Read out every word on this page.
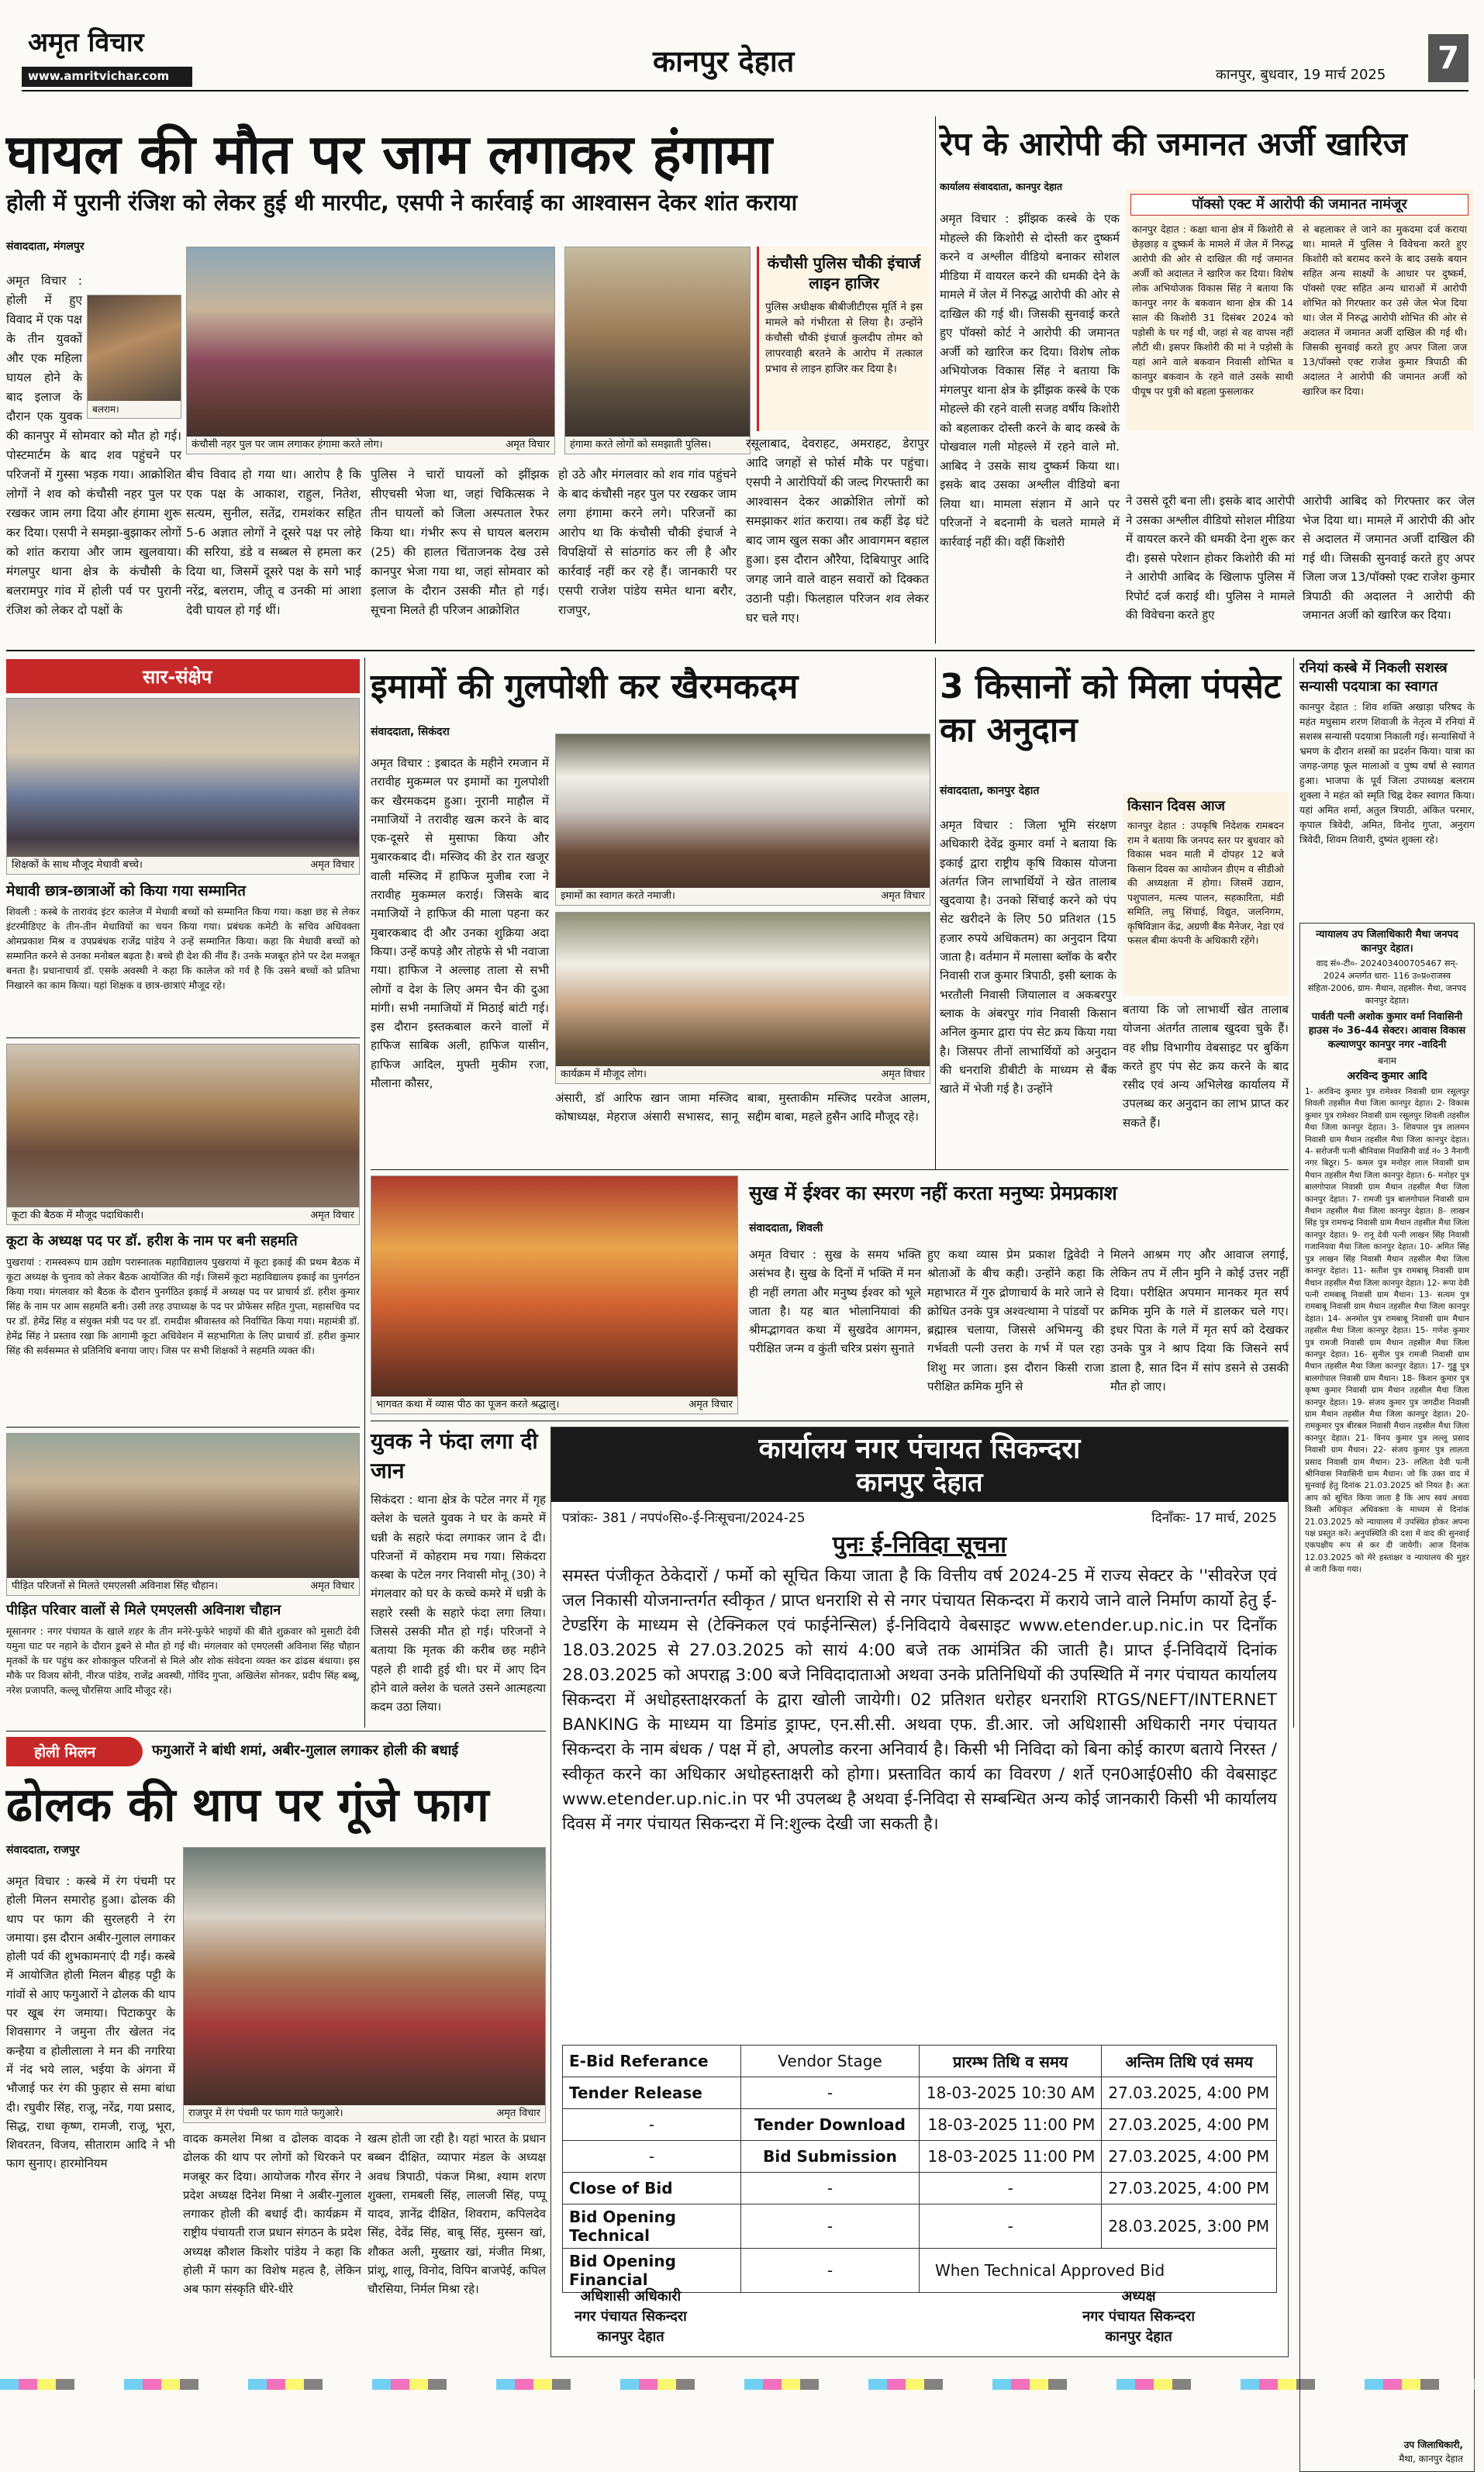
अमृत विचार
www.amritvichar.com	कानपुर देहात	कानपुर, बुधवार, 19 मार्च 2025	7
घायल की मौत पर जाम लगाकर हंगामा
होली में पुरानी रंजिश को लेकर हुई थी मारपीट, एसपी ने कार्रवाई का आश्वासन देकर शांत कराया
संवाददाता, मंगलपुर
बलराम।
अमृत विचार : होली में हुए विवाद में एक पक्ष के तीन युवकों और एक महिला घायल होने के बाद इलाज के दौरान एक युवक की कानपुर में सोमवार को मौत हो गई। पोस्टमार्टम के बाद शव पहुंचने पर परिजनों में गुस्सा भड़क गया। आक्रोशित लोगों ने शव को कंचौसी नहर पुल पर रखकर जाम लगा दिया और हंगामा शुरू कर दिया। एसपी ने समझा-बुझाकर लोगों को शांत कराया और जाम खुलवाया। मंगलपुर थाना क्षेत्र के कंचौसी के बलरामपुर गांव में होली पर्व पर पुरानी रंजिश को लेकर दो पक्षों के
कंचौसी नहर पुल पर जाम लगाकर हंगामा करते लोग।	अमृत विचार हंगामा करते लोगों को समझाती पुलिस।
कंचौसी पुलिस चौकी इंचार्ज लाइन हाजिर
पुलिस अधीक्षक बीबीजीटीएस मूर्ति ने इस मामले को गंभीरता से लिया है। उन्होंने कंचौसी चौकी इंचार्ज कुलदीप तोमर को लापरवाही बरतने के आरोप में तत्काल प्रभाव से लाइन हाजिर कर दिया है।
बीच विवाद हो गया था। आरोप है कि एक पक्ष के आकाश, राहुल, नितेश, सत्यम, सुनील, सतेंद्र, रामशंकर सहित 5-6 अज्ञात लोगों ने दूसरे पक्ष पर लोहे की सरिया, डंडे व सब्बल से हमला कर दिया था, जिसमें दूसरे पक्ष के सगे भाई नरेंद्र, बलराम, जीतू व उनकी मां आशा देवी घायल हो गई थीं।
पुलिस ने चारों घायलों को झींझक सीएचसी भेजा था, जहां चिकित्सक ने तीन घायलों को जिला अस्पताल रेफर किया था। गंभीर रूप से घायल बलराम (25) की हालत चिंताजनक देख उसे कानपुर भेजा गया था, जहां सोमवार को इलाज के दौरान उसकी मौत हो गई। सूचना मिलते ही परिजन आक्रोशित
हो उठे और मंगलवार को शव गांव पहुंचने के बाद कंचौसी नहर पुल पर रखकर जाम लगा हंगामा करने लगे। परिजनों का आरोप था कि कंचौसी चौकी इंचार्ज ने विपक्षियों से सांठगांठ कर ली है और कार्रवाई नहीं कर रहे हैं। जानकारी पर एसपी राजेश पांडेय समेत थाना बरौर, राजपुर,
रसूलाबाद, देवराहट, अमराहट, डेरापुर आदि जगहों से फोर्स मौके पर पहुंचा। एसपी ने आरोपियों की जल्द गिरफ्तारी का आश्वासन देकर आक्रोशित लोगों को समझाकर शांत कराया। तब कहीं डेढ़ घंटे बाद जाम खुल सका और आवागमन बहाल हुआ। इस दौरान औरैया, दिबियापुर आदि जगह जाने वाले वाहन सवारों को दिक्कत उठानी पड़ी। फिलहाल परिजन शव लेकर घर चले गए।
रेप के आरोपी की जमानत अर्जी खारिज
कार्यालय संवाददाता, कानपुर देहात
अमृत विचार : झींझक कस्बे के एक मोहल्ले की किशोरी से दोस्ती कर दुष्कर्म करने व अश्लील वीडियो बनाकर सोशल मीडिया में वायरल करने की धमकी देने के मामले में जेल में निरुद्ध आरोपी की ओर से दाखिल की गई थी। जिसकी सुनवाई करते हुए पॉक्सो कोर्ट ने आरोपी की जमानत अर्जी को खारिज कर दिया। विशेष लोक अभियोजक विकास सिंह ने बताया कि मंगलपुर थाना क्षेत्र के झींझक कस्बे के एक मोहल्ले की रहने वाली सजह वर्षीय किशोरी को बहलाकर दोस्ती करने के बाद कस्बे के पोखवाल गली मोहल्ले में रहने वाले मो. आबिद ने उसके साथ दुष्कर्म किया था। इसके बाद उसका अश्लील वीडियो बना लिया था। मामला संज्ञान में आने पर परिजनों ने बदनामी के चलते मामले में कार्रवाई नहीं की। वहीं किशोरी
पॉक्सो एक्ट में आरोपी की जमानत नामंजूर
कानपुर देहात : कक्षा थाना क्षेत्र में किशोरी से छेड़छाड़ व दुष्कर्म के मामले में जेल में निरुद्ध आरोपी की ओर से दाखिल की गई जमानत अर्जी को अदालत ने खारिज कर दिया। विशेष लोक अभियोजक विकास सिंह ने बताया कि कानपुर नगर के बकवान थाना क्षेत्र की 14 साल की किशोरी 31 दिसंबर 2024 को पड़ोसी के घर गई थी, जहां से वह वापस नहीं लौटी थी। इसपर किशोरी की मां ने पड़ोसी के यहां आने वाले बकवान निवासी शोभित व कानपुर बकवान के रहने वाले उसके साथी पीयूष पर पुत्री को बहला फुसलाकर
से बहलाकर ले जाने का मुकदमा दर्ज कराया था। मामले में पुलिस ने विवेचना करते हुए किशोरी को बरामद करने के बाद उसके बयान सहित अन्य साक्ष्यों के आधार पर दुष्कर्म, पॉक्सो एक्ट सहित अन्य धाराओं में आरोपी शोभित को गिरफ्तार कर उसे जेल भेज दिया था। जेल में निरुद्ध आरोपी शोभित की ओर से अदालत में जमानत अर्जी दाखिल की गई थी। जिसकी सुनवाई करते हुए अपर जिला जज 13/पॉक्सो एक्ट राजेश कुमार त्रिपाठी की अदालत ने आरोपी की जमानत अर्जी को खारिज कर दिया।
ने उससे दूरी बना ली। इसके बाद आरोपी ने उसका अश्लील वीडियो सोशल मीडिया में वायरल करने की धमकी देना शुरू कर दी। इससे परेशान होकर किशोरी की मां ने आरोपी आबिद के खिलाफ पुलिस में रिपोर्ट दर्ज कराई थी। पुलिस ने मामले की विवेचना करते हुए
आरोपी आबिद को गिरफ्तार कर जेल भेज दिया था। मामले में आरोपी की ओर से अदालत में जमानत अर्जी दाखिल की गई थी। जिसकी सुनवाई करते हुए अपर जिला जज 13/पॉक्सो एक्ट राजेश कुमार त्रिपाठी की अदालत ने आरोपी की जमानत अर्जी को खारिज कर दिया।
सार-संक्षेप
शिक्षकों के साथ मौजूद मेधावी बच्चे।	अमृत विचार
मेधावी छात्र-छात्राओं को किया गया सम्मानित
शिवली : कस्बे के तारावंद इंटर कालेज में मेधावी बच्चों को सम्मानित किया गया। कक्षा छह से लेकर इंटरमीडिएट के तीन-तीन मेधावियों का चयन किया गया। प्रबंधक कमेटी के सचिव अधिवक्ता ओमप्रकाश मिश्र व उपप्रबंधक राजेंद्र पांडेय ने उन्हें सम्मानित किया। कहा कि मेधावी बच्चों को सम्मानित करने से उनका मनोबल बढ़ता है। बच्चे ही देश की नींव हैं। उनके मजबूत होने पर देश मजबूत बनता है। प्रधानाचार्य डॉ. एसके अवस्थी ने कहा कि कालेज को गर्व है कि उसने बच्चों को प्रतिभा निखारने का काम किया। यहां शिक्षक व छात्र-छात्राएं मौजूद रहे।
कूटा की बैठक में मौजूद पदाधिकारी।	अमृत विचार
कूटा के अध्यक्ष पद पर डॉ. हरीश के नाम पर बनी सहमति
पुखरायां : रामस्वरूप ग्राम उद्योग परास्नातक महाविद्यालय पुखरायां में कूटा इकाई की प्रथम बैठक में कूटा अध्यक्ष के चुनाव को लेकर बैठक आयोजित की गई। जिसमें कूटा महाविद्यालय इकाई का पुनर्गठन किया गया। मंगलवार को बैठक के दौरान पुनर्गठित इकाई में अध्यक्ष पद पर प्राचार्य डॉ. हरीश कुमार सिंह के नाम पर आम सहमति बनी। उसी तरह उपाध्यक्ष के पद पर प्रोफेसर सहित गुप्ता, महासचिव पद पर डॉ. हेमेंद्र सिंह व संयुक्त मंत्री पद पर डॉ. रामदीश श्रीवास्तव को निर्वाचित किया गया। महामंत्री डॉ. हेमेंद्र सिंह ने प्रस्ताव रखा कि आगामी कूटा अधिवेशन में सहभागिता के लिए प्राचार्य डॉ. हरीश कुमार सिंह की सर्वसम्मत से प्रतिनिधि बनाया जाए। जिस पर सभी शिक्षकों ने सहमति व्यक्त की।
पीड़ित परिजनों से मिलते एमएलसी अविनाश सिंह चौहान।	अमृत विचार
पीड़ित परिवार वालों से मिले एमएलसी अविनाश चौहान
मूसानगर : नगर पंचायत के खाले शहर के तीन मनेरे-फुफेरे भाइयों की बीते शुक्रवार को मुसाटी देवी यमुना घाट पर नहाने के दौरान डूबने से मौत हो गई थी। मंगलवार को एमएलसी अविनाश सिंह चौहान मृतकों के घर पहुंच कर शोकाकुल परिजनों से मिले और शोक संवेदना व्यक्त कर ढांढस बंधाया। इस मौके पर विजय सोनी, नीरज पांडेय, राजेंद्र अवस्थी, गोविंद गुप्ता, अखिलेश सोनकर, प्रदीप सिंह बब्बू, नरेश प्रजापति, कल्लू चौरसिया आदि मौजूद रहे।
इमामों की गुलपोशी कर खैरमकदम
संवाददाता, सिकंदरा
अमृत विचार : इबादत के महीने रमजान में तरावीह मुकम्मल पर इमामों का गुलपोशी कर खैरमकदम हुआ। नूरानी माहौल में नमाजियों ने तरावीह खत्म करने के बाद एक-दूसरे से मुसाफा किया और मुबारकबाद दी। मस्जिद की डेर रात खजूर वाली मस्जिद में हाफिज मुजीब रजा ने तरावीह मुकम्मल कराई। जिसके बाद नमाजियों ने हाफिज की माला पहना कर मुबारकबाद दी और उनका शुक्रिया अदा किया। उन्हें कपड़े और तोहफे से भी नवाजा गया। हाफिज ने अल्लाह ताला से सभी लोगों व देश के लिए अमन चैन की दुआ मांगी। सभी नमाजियों में मिठाई बांटी गई। इस दौरान इस्तकबाल करने वालों में हाफिज साबिक अली, हाफिज यासीन, हाफिज आदिल, मुफ्ती मुकीम रजा, मौलाना कौसर,
इमामों का स्वागत करते नमाजी।	अमृत विचार
कार्यक्रम में मौजूद लोग।	अमृत विचार
अंसारी, डॉ आरिफ खान जामा मस्जिद कोषाध्यक्ष, मेहराज अंसारी सभासद, सानू बाबा, मुस्ताकीम मस्जिद परवेज आलम, सद्दीम बाबा, महले हुसैन आदि मौजूद रहे।
3 किसानों को मिला पंपसेट का अनुदान
संवाददाता, कानपुर देहात
अमृत विचार : जिला भूमि संरक्षण अधिकारी देवेंद्र कुमार वर्मा ने बताया कि इकाई द्वारा राष्ट्रीय कृषि विकास योजना अंतर्गत जिन लाभार्थियों ने खेत तालाब खुदवाया है। उनको सिंचाई करने को पंप सेट खरीदने के लिए 50 प्रतिशत (15 हजार रुपये अधिकतम) का अनुदान दिया जाता है। वर्तमान में मलासा ब्लॉक के बरौर निवासी राज कुमार त्रिपाठी, इसी ब्लाक के भरतौली निवासी जियालाल व अकबरपुर ब्लाक के अंबरपुर गांव निवासी किसान अनिल कुमार द्वारा पंप सेट क्रय किया गया है। जिसपर तीनों लाभार्थियों को अनुदान की धनराशि डीबीटी के माध्यम से बैंक खाते में भेजी गई है। उन्होंने
किसान दिवस आज
कानपुर देहात : उपकृषि निदेशक रामबदन राम ने बताया कि जनपद स्तर पर बुधवार को विकास भवन माती में दोपहर 12 बजे किसान दिवस का आयोजन डीएम व सीडीओ की अध्यक्षता में होगा। जिसमें उद्यान, पशुपालन, मत्स्य पालन, सहकारिता, मंडी समिति, लघु सिंचाई, विद्युत, जलनिगम, कृषिविज्ञान केंद्र, अग्रणी बैंक मैनेजर, नेडा एवं फसल बीमा कंपनी के अधिकारी रहेंगे।
बताया कि जो लाभार्थी खेत तालाब योजना अंतर्गत तालाब खुदवा चुके हैं। वह शीघ्र विभागीय वेबसाइट पर बुकिंग करते हुए पंप सेट क्रय करने के बाद रसीद एवं अन्य अभिलेख कार्यालय में उपलब्ध कर अनुदान का लाभ प्राप्त कर सकते हैं।
रनियां कस्बे में निकली सशस्त्र सन्यासी पदयात्रा का स्वागत
कानपुर देहात : शिव शक्ति अखाड़ा परिषद के महंत मधुसाम शरण शिवाजी के नेतृत्व में रनियां में सशस्त्र सन्यासी पदयात्रा निकाली गई। सन्यासियों ने भ्रमण के दौरान शस्त्रों का प्रदर्शन किया। यात्रा का जगह-जगह फूल मालाओं व पुष्प वर्षा से स्वागत हुआ। भाजपा के पूर्व जिला उपाध्यक्ष बलराम शुक्ला ने महंत को स्मृति चिह्न देकर स्वागत किया। यहां अमित शर्मा, अतुल त्रिपाठी, अंकित परमार, कृपाल त्रिवेदी, अमित, विनोद गुप्ता, अनुराग त्रिवेदी, शिवम तिवारी, दुष्यंत शुक्ला रहे।
न्यायालय उप जिलाधिकारी मैथा जनपद कानपुर देहात।
वाद सं०-टी०- 202403400705467 सन्- 2024 अन्तर्गत धारा- 116 उ०प्र०राजस्व संहिता-2006, ग्राम- मैथान, तहसील- मैथा, जनपद कानपुर देहात।
पार्वती पत्नी अशोक कुमार वर्मा निवासिनी हाउस नं० 36-44 सेक्टर। आवास विकास कल्याणपुर कानपुर नगर -वादिनी
बनाम
अरविन्द कुमार आदि
1- अरविन्द कुमार पुत्र रामेश्वर निवासी ग्राम रसूलपुर शिवली तहसील मैथा जिला कानपुर देहात। 2- विकास कुमार पुत्र रामेश्वर निवासी ग्राम रसूलपुर शिवली तहसील मैथा जिला कानपुर देहात। 3- शिवपाल पुत्र लालमन निवासी ग्राम मैथान तहसील मैथा जिला कानपुर देहात। 4- सरोजनी पत्नी श्रीनिवास निवासिनी वार्ड नं० 3 नैनागी नगर बिठूर। 5- कमल पुत्र मनोहर लाल निवासी ग्राम मैथान तहसील मैथा जिला कानपुर देहात। 6- मनोहर पुत्र बालगोपाल निवासी ग्राम मैथान तहसील मैथा जिला कानपुर देहात। 7- रामजी पुत्र बालगोपाल निवासी ग्राम मैथान तहसील मैथा जिला कानपुर देहात। 8- लाखन सिंह पुत्र रामचन्द्र निवासी ग्राम मैथान तहसील मैथा जिला कानपुर देहात। 9- रानू देवी पत्नी लाखन सिंह निवासी गजानियवा मैथा जिला कानपुर देहात। 10- अमित सिंह पुत्र लाखन सिंह निवासी मैथान तहसील मैथा जिला कानपुर देहात। 11- सतीश पुत्र रामबाबू निवासी ग्राम मैथान तहसील मैथा जिला कानपुर देहात। 12- रूपा देवी पत्नी रामबाबू निवासी ग्राम मैथान। 13- सत्यम पुत्र रामबाबू निवासी ग्राम मैथान तहसील मैथा जिला कानपुर देहात। 14- अनमोल पुत्र रामबाबू निवासी ग्राम मैथान तहसील मैथा जिला कानपुर देहात। 15- गणेश कुमार पुत्र रामजी निवासी ग्राम मैथान तहसील मैथा जिला कानपुर देहात। 16- सुनील पुत्र रामजी निवासी ग्राम मैथान तहसील मैथा जिला कानपुर देहात। 17- गुड्डू पुत्र बालगोपाल निवासी ग्राम मैथान। 18- किशन कुमार पुत्र कृष्ण कुमार निवासी ग्राम मैथान तहसील मैथा जिला कानपुर देहात। 19- संजय कुमार पुत्र जगदीश निवासी ग्राम मैथान तहसील मैथा जिला कानपुर देहात। 20- रामकुमार पुत्र बीरबल निवासी मैथान तहसील मैथा जिला कानपुर देहात। 21- विनय कुमार पुत्र लल्लू प्रसाद निवासी ग्राम मैथान। 22- संजय कुमार पुत्र लालता प्रसाद निवासी ग्राम मैथान। 23- ललिता देवी पत्नी श्रीनिवास निवासिनी ग्राम मैथान। जो कि उक्त वाद में सुनवाई हेतु दिनांक 21.03.2025 को नियत है। अतः आप को सूचित किया जाता है कि आप स्वयं अथवा किसी अधिकृत अधिवक्ता के माध्यम से दिनांक 21.03.2025 को न्यायालय में उपस्थित होकर अपना पक्ष प्रस्तुत करें। अनुपस्थिति की दशा में वाद की सुनवाई एकपक्षीय रूप से कर दी जायेगी। आज दिनांक 12.03.2025 को मेरे हस्ताक्षर व न्यायालय की मुहर से जारी किया गया।
उप जिलाधिकारी,
मैथा, कानपुर देहात
भागवत कथा में व्यास पीठ का पूजन करते श्रद्धालु।	अमृत विचार
सुख में ईश्वर का स्मरण नहीं करता मनुष्यः प्रेमप्रकाश
संवाददाता, शिवली
अमृत विचार : सुख के समय भक्ति असंभव है। सुख के दिनों में भक्ति में मन ही नहीं लगता और मनुष्य ईश्वर को भूले जाता है। यह बात भोलानियावां की श्रीमद्भागवत कथा में सुखदेव आगमन, परीक्षित जन्म व कुंती चरित्र प्रसंग सुनाते
हुए कथा व्यास प्रेम प्रकाश द्विवेदी ने श्रोताओं के बीच कही। उन्होंने कहा कि महाभारत में गुरु द्रोणाचार्य के मारे जाने से क्रोधित उनके पुत्र अश्वत्थामा ने पांडवों पर ब्रह्मास्त्र चलाया, जिससे अभिमन्यु की गर्भवती पत्नी उत्तरा के गर्भ में पल रहा शिशु मर जाता। इस दौरान किसी राजा परीक्षित क्रमिक मुनि से
मिलने आश्रम गए और आवाज लगाई, लेकिन तप में लीन मुनि ने कोई उत्तर नहीं दिया। परीक्षित अपमान मानकर मृत सर्प क्रमिक मुनि के गले में डालकर चले गए। इधर पिता के गले में मृत सर्प को देखकर उनके पुत्र ने श्राप दिया कि जिसने सर्प डाला है, सात दिन में सांप डसने से उसकी मौत हो जाए।
युवक ने फंदा लगा दी जान
सिकंदरा : थाना क्षेत्र के पटेल नगर में गृह क्लेश के चलते युवक ने घर के कमरे में धन्नी के सहारे फंदा लगाकर जान दे दी। परिजनों में कोहराम मच गया। सिकंदरा कस्बा के पटेल नगर निवासी मोनू (30) ने मंगलवार को घर के कच्चे कमरे में धन्नी के सहारे रस्सी के सहारे फंदा लगा लिया। जिससे उसकी मौत हो गई। परिजनों ने बताया कि मृतक की करीब छह महीने पहले ही शादी हुई थी। घर में आए दिन होने वाले क्लेश के चलते उसने आत्महत्या कदम उठा लिया।
कार्यालय नगर पंचायत सिकन्दरा
कानपुर देहात
पत्रांकः- 381 / नपपं०सि०-ई-निःसूचना/2024-25	दिनाँकः- 17 मार्च, 2025
पुनः ई-निविदा सूचना
समस्त पंजीकृत ठेकेदारों / फर्मो को सूचित किया जाता है कि वित्तीय वर्ष 2024-25 में राज्य सेक्टर के ''सीवरेज एवं जल निकासी योजनान्तर्गत स्वीकृत / प्राप्त धनराशि से से नगर पंचायत सिकन्दरा में कराये जाने वाले निर्माण कार्यो हेतु ई-टेण्डरिंग के माध्यम से (टेक्निकल एवं फाईनेन्सिल) ई-निविदाये वेबसाइट www.etender.up.nic.in पर दिनाँक 18.03.2025 से 27.03.2025 को सायं 4:00 बजे तक आमंत्रित की जाती है। प्राप्त ई-निविदायें दिनांक 28.03.2025 को अपराह्न 3:00 बजे निविदादाताओ अथवा उनके प्रतिनिधियों की उपस्थिति में नगर पंचायत कार्यालय सिकन्दरा में अधोहस्ताक्षरकर्ता के द्वारा खोली जायेगी। 02 प्रतिशत धरोहर धनराशि RTGS/NEFT/INTERNET BANKING के माध्यम या डिमांड ड्राफ्ट, एन.सी.सी. अथवा एफ. डी.आर. जो अधिशासी अधिकारी नगर पंचायत सिकन्दरा के नाम बंधक / पक्ष में हो, अपलोड करना अनिवार्य है। किसी भी निविदा को बिना कोई कारण बताये निरस्त / स्वीकृत करने का अधिकार अधोहस्ताक्षरी को होगा। प्रस्तावित कार्य का विवरण / शर्ते एन0आई0सी0 की वेबसाइट www.etender.up.nic.in पर भी उपलब्ध है अथवा ई-निविदा से सम्बन्धित अन्य कोई जानकारी किसी भी कार्यालय दिवस में नगर पंचायत सिकन्दरा में नि:शुल्क देखी जा सकती है।
E-Bid Referance	Vendor Stage	प्रारम्भ तिथि व समय	अन्तिम तिथि एवं समय
Tender Release	-	18-03-2025 10:30 AM	27.03.2025, 4:00 PM
-	Tender Download	18-03-2025 11:00 PM	27.03.2025, 4:00 PM
-	Bid Submission	18-03-2025 11:00 PM	27.03.2025, 4:00 PM
Close of Bid	-	-	27.03.2025, 4:00 PM
Bid Opening Technical	-	-	28.03.2025, 3:00 PM
Bid Opening Financial	-	When Technical Approved Bid	
अधिशासी अधिकारी
नगर पंचायत सिकन्दरा
कानपुर देहात
अध्यक्ष
नगर पंचायत सिकन्दरा
कानपुर देहात
होली मिलन	फगुआरों ने बांधी शमां, अबीर-गुलाल लगाकर होली की बधाई
ढोलक की थाप पर गूंजे फाग
संवाददाता, राजपुर
अमृत विचार : कस्बे में रंग पंचमी पर होली मिलन समारोह हुआ। ढोलक की थाप पर फाग की सुरलहरी ने रंग जमाया। इस दौरान अबीर-गुलाल लगाकर होली पर्व की शुभकामनाएं दी गईं। कस्बे में आयोजित होली मिलन बीहड़ पट्टी के गांवों से आए फगुआरों ने ढोलक की थाप पर खूब रंग जमाया। पिटाकपुर के शिवसागर ने जमुना तीर खेलत नंद कन्हैया व होलीलाला ने मन की नगरिया में नंद भये लाल, भईया के अंगना में भौजाई फर रंग की फुहार से समा बांधा दी। रघुवीर सिंह, राजू, नरेंद्र, गया प्रसाद, सिद्ध, राधा कृष्ण, रामजी, राजू, भूरा, शिवरतन, विजय, सीताराम आदि ने भी फाग सुनाए। हारमोनियम
राजपुर में रंग पंचमी पर फाग गाते फगुआरे।	अमृत विचार
वादक कमलेश मिश्रा व ढोलक वादक ने ढोलक की थाप पर लोगों को थिरकने पर मजबूर कर दिया। आयोजक गौरव सेंगर ने प्रदेश अध्यक्ष दिनेश मिश्रा ने अबीर-गुलाल लगाकर होली की बधाई दी। कार्यक्रम में राष्ट्रीय पंचायती राज प्रधान संगठन के प्रदेश अध्यक्ष कौशल किशोर पांडेय ने कहा कि होली में फाग का विशेष महत्व है, लेकिन अब फाग संस्कृति धीरे-धीरे
खत्म होती जा रही है। यहां भारत के प्रधान बब्बन दीक्षित, व्यापार मंडल के अध्यक्ष अवध त्रिपाठी, पंकज मिश्रा, श्याम शरण शुक्ला, रामबली सिंह, लालजी सिंह, पप्पू यादव, ज्ञानेंद्र दीक्षित, शिवराम, कपिलदेव सिंह, देवेंद्र सिंह, बाबू सिंह, मुस्सन खां, शौकत अली, मुख्तार खां, मंजीत मिश्रा, प्रांशू, शालू, विनोद, विपिन बाजपेई, कपिल चौरसिया, निर्मल मिश्रा रहे।
